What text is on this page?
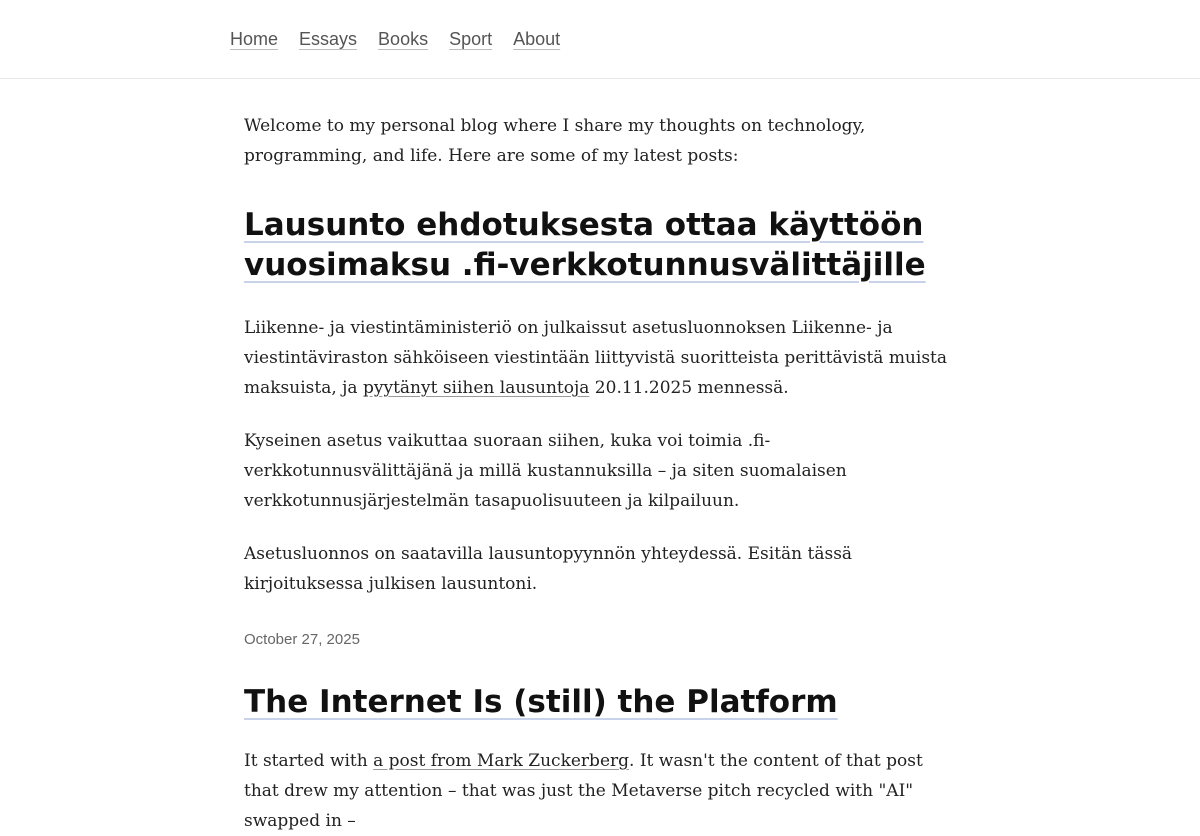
Home Essays Books Sport About

Welcome to my personal blog where I share my thoughts on technology, programming, and life. Here are some of my latest posts:

Lausunto ehdotuksesta ottaa käyttöön vuosimaksu .fi-verkkotunnusvälittäjille

Liikenne- ja viestintäministeriö on julkaissut asetusluonnoksen Liikenne- ja viestintäviraston sähköiseen viestintään liittyvistä suoritteista perittävistä muista maksuista, ja pyytänyt siihen lausuntoja 20.11.2025 mennessä.

Kyseinen asetus vaikuttaa suoraan siihen, kuka voi toimia .fi-verkkotunnusvälittäjänä ja millä kustannuksilla – ja siten suomalaisen verkkotunnusjärjestelmän tasapuolisuuteen ja kilpailuun.

Asetusluonnos on saatavilla lausuntopyynnön yhteydessä. Esitän tässä kirjoituksessa julkisen lausuntoni.

October 27, 2025
The Internet Is (still) the Platform

It started with a post from Mark Zuckerberg. It wasn't the content of that post that drew my attention – that was just the Metaverse pitch recycled with "AI" swapped in –
